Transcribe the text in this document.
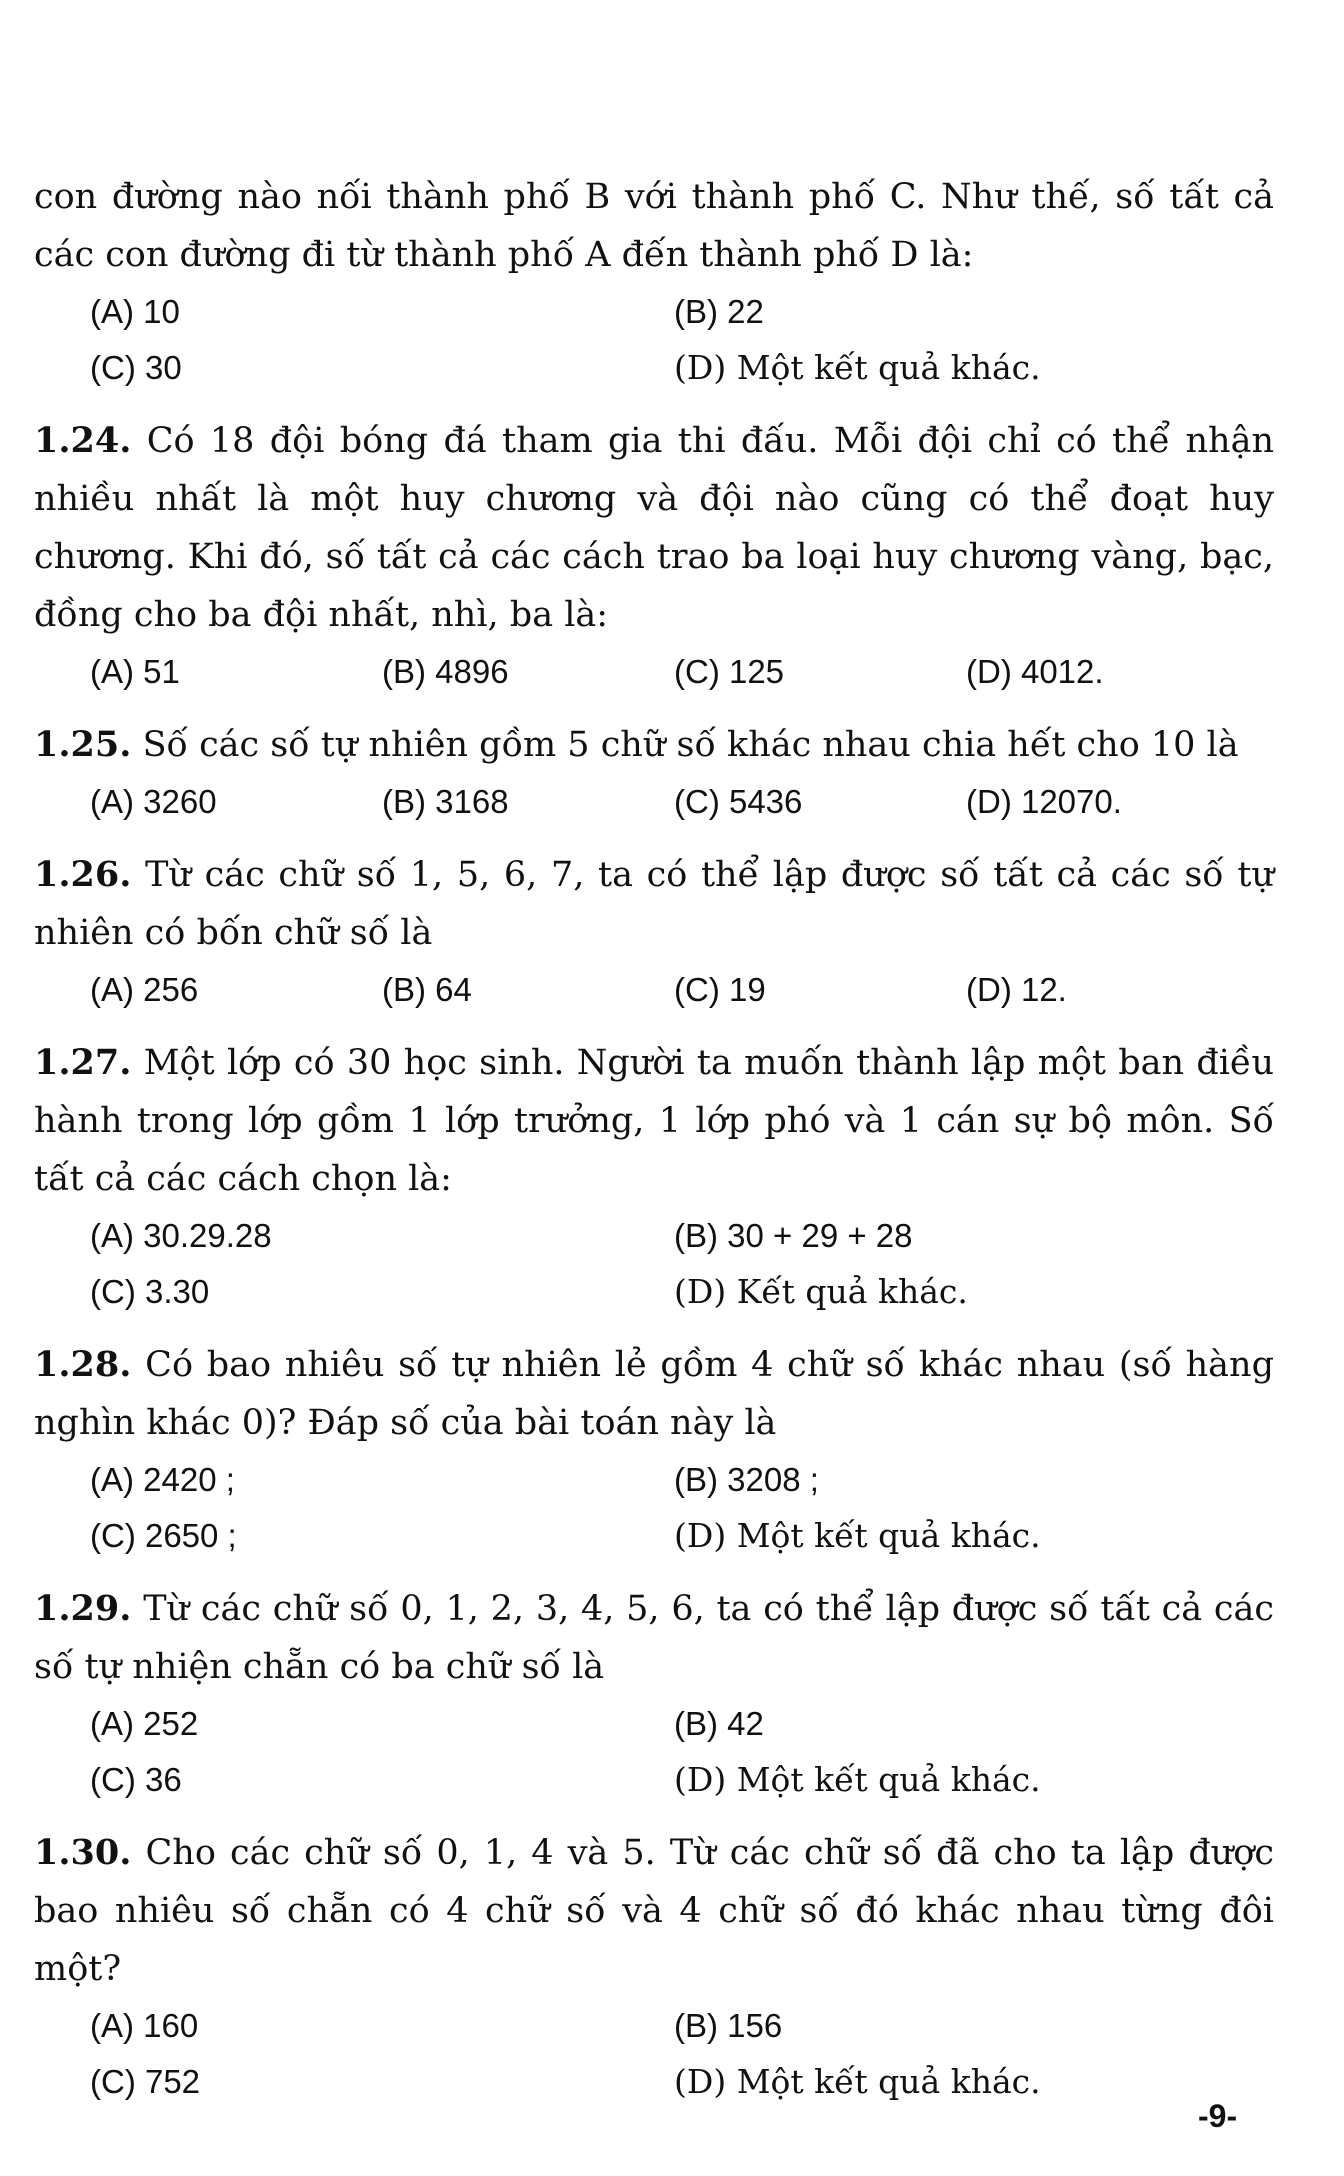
con đường nào nối thành phố B với thành phố C. Như thế, số tất cả các con đường đi từ thành phố A đến thành phố D là:

(A) 10	(B) 22
(C) 30	(D) Một kết quả khác.

1.24. Có 18 đội bóng đá tham gia thi đấu. Mỗi đội chỉ có thể nhận nhiều nhất là một huy chương và đội nào cũng có thể đoạt huy chương. Khi đó, số tất cả các cách trao ba loại huy chương vàng, bạc, đồng cho ba đội nhất, nhì, ba là:

(A) 51	(B) 4896	(C) 125	(D) 4012.

1.25. Số các số tự nhiên gồm 5 chữ số khác nhau chia hết cho 10 là

(A) 3260	(B) 3168	(C) 5436	(D) 12070.

1.26. Từ các chữ số 1, 5, 6, 7, ta có thể lập được số tất cả các số tự nhiên có bốn chữ số là

(A) 256	(B) 64	(C) 19	(D) 12.

1.27. Một lớp có 30 học sinh. Người ta muốn thành lập một ban điều hành trong lớp gồm 1 lớp trưởng, 1 lớp phó và 1 cán sự bộ môn. Số tất cả các cách chọn là:

(A) 30.29.28	(B) 30 + 29 + 28
(C) 3.30	(D) Kết quả khác.

1.28. Có bao nhiêu số tự nhiên lẻ gồm 4 chữ số khác nhau (số hàng nghìn khác 0)? Đáp số của bài toán này là

(A) 2420 ;	(B) 3208 ;
(C) 2650 ;	(D) Một kết quả khác.

1.29. Từ các chữ số 0, 1, 2, 3, 4, 5, 6, ta có thể lập được số tất cả các số tự nhiện chẵn có ba chữ số là

(A) 252	(B) 42
(C) 36	(D) Một kết quả khác.

1.30. Cho các chữ số 0, 1, 4 và 5. Từ các chữ số đã cho ta lập được bao nhiêu số chẵn có 4 chữ số và 4 chữ số đó khác nhau từng đôi một?

(A) 160	(B) 156
(C) 752	(D) Một kết quả khác.
-9-
